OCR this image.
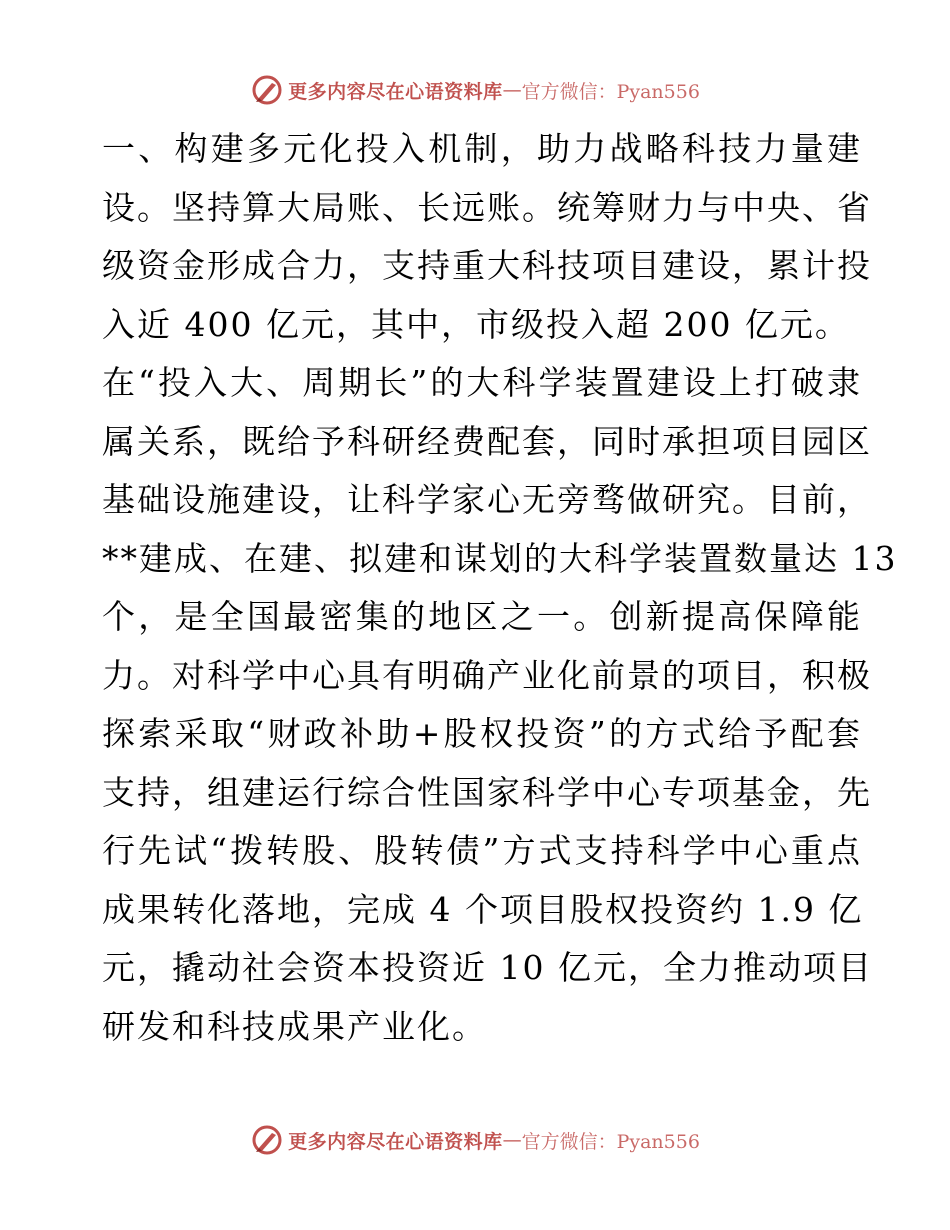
更多内容尽在心语资料库 — 官方微信：Pyan556
一、构建多元化投入机制，助力战略科技力量建
设。坚持算大局账、长远账。统筹财力与中央、省
级资金形成合力，支持重大科技项目建设，累计投
入近 400 亿元，其中，市级投入超 200 亿元。
在“投入大、周期长”的大科学装置建设上打破隶
属关系，既给予科研经费配套，同时承担项目园区
基础设施建设，让科学家心无旁骛做研究。目前，
**建成、在建、拟建和谋划的大科学装置数量达 13
个，是全国最密集的地区之一。创新提高保障能
力。对科学中心具有明确产业化前景的项目，积极
探索采取“财政补助+股权投资”的方式给予配套
支持，组建运行综合性国家科学中心专项基金，先
行先试“拨转股、股转债”方式支持科学中心重点
成果转化落地，完成 4 个项目股权投资约 1.9 亿
元，撬动社会资本投资近 10 亿元，全力推动项目
研发和科技成果产业化。
更多内容尽在心语资料库 — 官方微信：Pyan556
